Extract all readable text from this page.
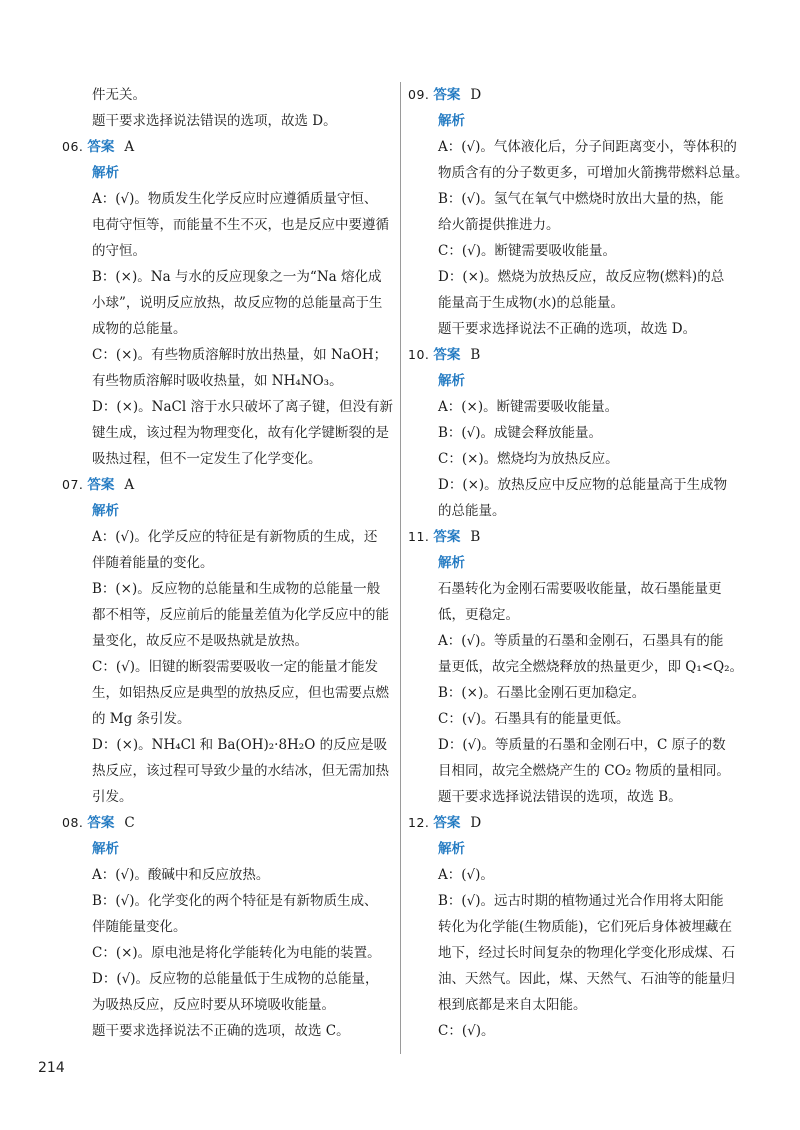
件无关。
题干要求选择说法错误的选项，故选 D。
06. 答案 A
解析
A：(√)。物质发生化学反应时应遵循质量守恒、
电荷守恒等，而能量不生不灭，也是反应中要遵循
的守恒。
B：(×)。Na 与水的反应现象之一为“Na 熔化成
小球”，说明反应放热，故反应物的总能量高于生
成物的总能量。
C：(×)。有些物质溶解时放出热量，如 NaOH；
有些物质溶解时吸收热量，如 NH₄NO₃。
D：(×)。NaCl 溶于水只破坏了离子键，但没有新
键生成，该过程为物理变化，故有化学键断裂的是
吸热过程，但不一定发生了化学变化。
07. 答案 A
解析
A：(√)。化学反应的特征是有新物质的生成，还
伴随着能量的变化。
B：(×)。反应物的总能量和生成物的总能量一般
都不相等，反应前后的能量差值为化学反应中的能
量变化，故反应不是吸热就是放热。
C：(√)。旧键的断裂需要吸收一定的能量才能发
生，如铝热反应是典型的放热反应，但也需要点燃
的 Mg 条引发。
D：(×)。NH₄Cl 和 Ba(OH)₂·8H₂O 的反应是吸
热反应，该过程可导致少量的水结冰，但无需加热
引发。
08. 答案 C
解析
A：(√)。酸碱中和反应放热。
B：(√)。化学变化的两个特征是有新物质生成、
伴随能量变化。
C：(×)。原电池是将化学能转化为电能的装置。
D：(√)。反应物的总能量低于生成物的总能量，
为吸热反应，反应时要从环境吸收能量。
题干要求选择说法不正确的选项，故选 C。
09. 答案 D
解析
A：(√)。气体液化后，分子间距离变小，等体积的
物质含有的分子数更多，可增加火箭携带燃料总量。
B：(√)。氢气在氧气中燃烧时放出大量的热，能
给火箭提供推进力。
C：(√)。断键需要吸收能量。
D：(×)。燃烧为放热反应，故反应物(燃料)的总
能量高于生成物(水)的总能量。
题干要求选择说法不正确的选项，故选 D。
10. 答案 B
解析
A：(×)。断键需要吸收能量。
B：(√)。成键会释放能量。
C：(×)。燃烧均为放热反应。
D：(×)。放热反应中反应物的总能量高于生成物
的总能量。
11. 答案 B
解析
石墨转化为金刚石需要吸收能量，故石墨能量更
低，更稳定。
A：(√)。等质量的石墨和金刚石，石墨具有的能
量更低，故完全燃烧释放的热量更少，即 Q₁<Q₂。
B：(×)。石墨比金刚石更加稳定。
C：(√)。石墨具有的能量更低。
D：(√)。等质量的石墨和金刚石中，C 原子的数
目相同，故完全燃烧产生的 CO₂ 物质的量相同。
题干要求选择说法错误的选项，故选 B。
12. 答案 D
解析
A：(√)。
B：(√)。远古时期的植物通过光合作用将太阳能
转化为化学能(生物质能)，它们死后身体被埋藏在
地下，经过长时间复杂的物理化学变化形成煤、石
油、天然气。因此，煤、天然气、石油等的能量归
根到底都是来自太阳能。
C：(√)。
214
